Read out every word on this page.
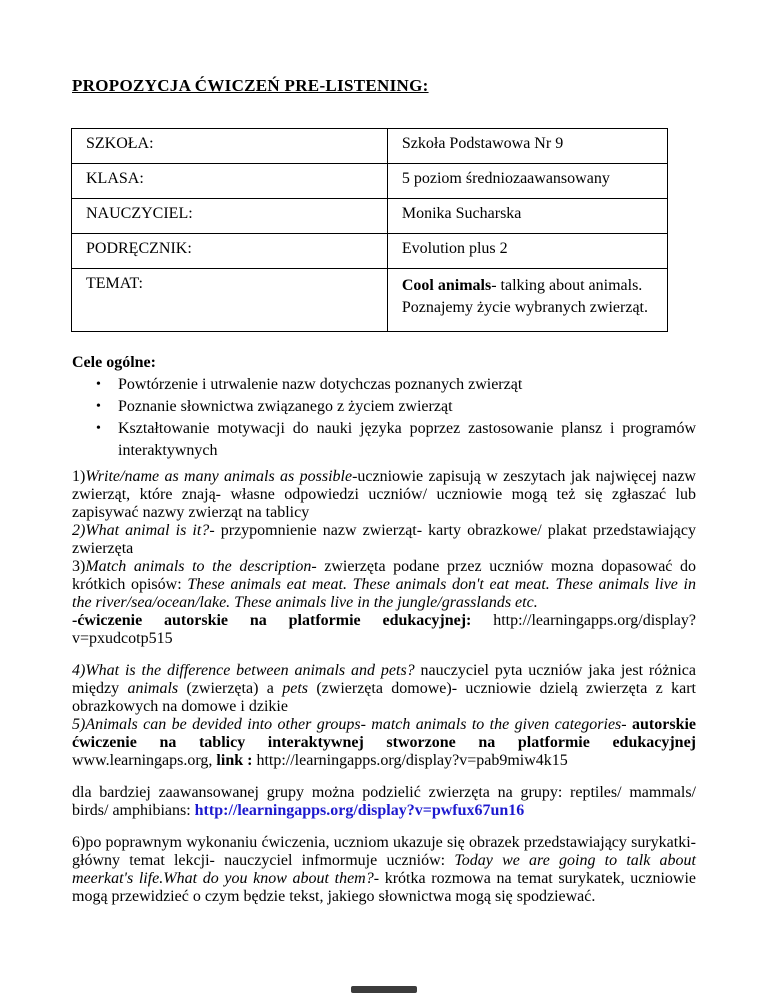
PROPOZYCJA ĆWICZEŃ PRE-LISTENING:
SZKOŁA:	Szkoła Podstawowa Nr 9

KLASA:	5 poziom średniozaawansowany

NAUCZYCIEL:	Monika Sucharska

PODRĘCZNIK:	Evolution plus 2

TEMAT:	Cool animals- talking about animals.
Poznajemy życie wybranych zwierząt.

Cele ogólne:

• Powtórzenie i utrwalenie nazw dotychczas poznanych zwierząt
• Poznanie słownictwa związanego z życiem zwierząt
• Kształtowanie motywacji do nauki języka poprzez zastosowanie plansz i programów interaktywnych

1)Write/name as many animals as possible-uczniowie zapisują w zeszytach jak najwięcej nazw zwierząt, które znają- własne odpowiedzi uczniów/ uczniowie mogą też się zgłaszać lub zapisywać nazwy zwierząt na tablicy

2)What animal is it?- przypomnienie nazw zwierząt- karty obrazkowe/ plakat przedstawiający zwierzęta

3)Match animals to the description- zwierzęta podane przez uczniów mozna dopasować do krótkich opisów: These animals eat meat. These animals don't eat meat. These animals live in the river/sea/ocean/lake. These animals live in the jungle/grasslands etc.

-ćwiczenie autorskie na platformie edukacyjnej: http://learningapps.org/display?v=pxudcotp515

4)What is the difference between animals and pets? nauczyciel pyta uczniów jaka jest różnica między animals (zwierzęta) a pets (zwierzęta domowe)- uczniowie dzielą zwierzęta z kart obrazkowych na domowe i dzikie

5)Animals can be devided into other groups- match animals to the given categories- autorskie ćwiczenie na tablicy interaktywnej stworzone na platformie edukacyjnej www.learningaps.org, link : http://learningapps.org/display?v=pab9miw4k15

dla bardziej zaawansowanej grupy można podzielić zwierzęta na grupy: reptiles/ mammals/ birds/ amphibians: http://learningapps.org/display?v=pwfux67un16

6)po poprawnym wykonaniu ćwiczenia, uczniom ukazuje się obrazek przedstawiający surykatki-główny temat lekcji- nauczyciel infmormuje uczniów: Today we are going to talk about meerkat's life.What do you know about them?- krótka rozmowa na temat surykatek, uczniowie mogą przewidzieć o czym będzie tekst, jakiego słownictwa mogą się spodziewać.
